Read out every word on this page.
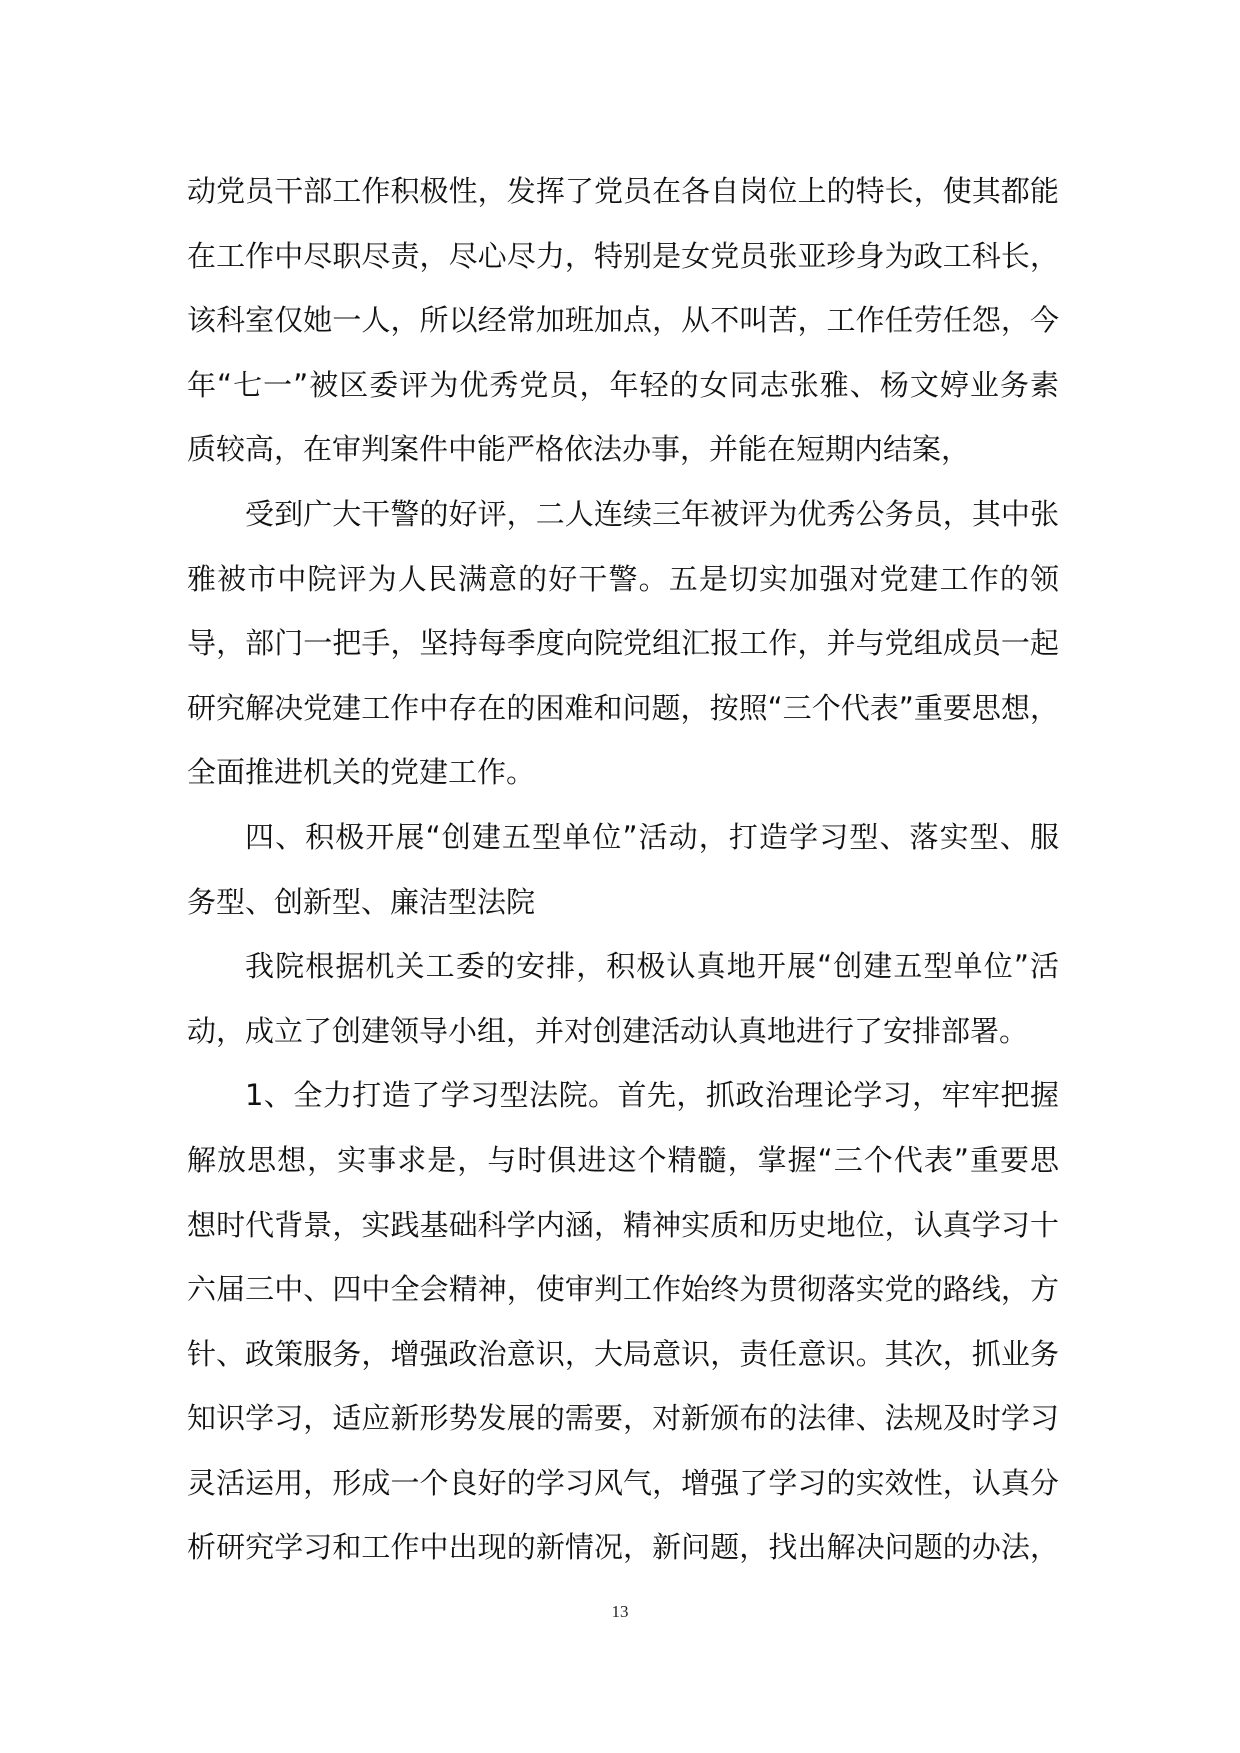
动党员干部工作积极性，发挥了党员在各自岗位上的特长，使其都能
在工作中尽职尽责，尽心尽力，特别是女党员张亚珍身为政工科长，
该科室仅她一人，所以经常加班加点，从不叫苦，工作任劳任怨，今
年“七一”被区委评为优秀党员，年轻的女同志张雅、杨文婷业务素
质较高，在审判案件中能严格依法办事，并能在短期内结案，
受到广大干警的好评，二人连续三年被评为优秀公务员，其中张
雅被市中院评为人民满意的好干警。五是切实加强对党建工作的领
导，部门一把手，坚持每季度向院党组汇报工作，并与党组成员一起
研究解决党建工作中存在的困难和问题，按照“三个代表”重要思想，
全面推进机关的党建工作。
四、积极开展“创建五型单位”活动，打造学习型、落实型、服
务型、创新型、廉洁型法院
我院根据机关工委的安排，积极认真地开展“创建五型单位”活
动，成立了创建领导小组，并对创建活动认真地进行了安排部署。
1、全力打造了学习型法院。首先，抓政治理论学习，牢牢把握
解放思想，实事求是，与时俱进这个精髓，掌握“三个代表”重要思
想时代背景，实践基础科学内涵，精神实质和历史地位，认真学习十
六届三中、四中全会精神，使审判工作始终为贯彻落实党的路线，方
针、政策服务，增强政治意识，大局意识，责任意识。其次，抓业务
知识学习，适应新形势发展的需要，对新颁布的法律、法规及时学习
灵活运用，形成一个良好的学习风气，增强了学习的实效性，认真分
析研究学习和工作中出现的新情况，新问题，找出解决问题的办法，
13
